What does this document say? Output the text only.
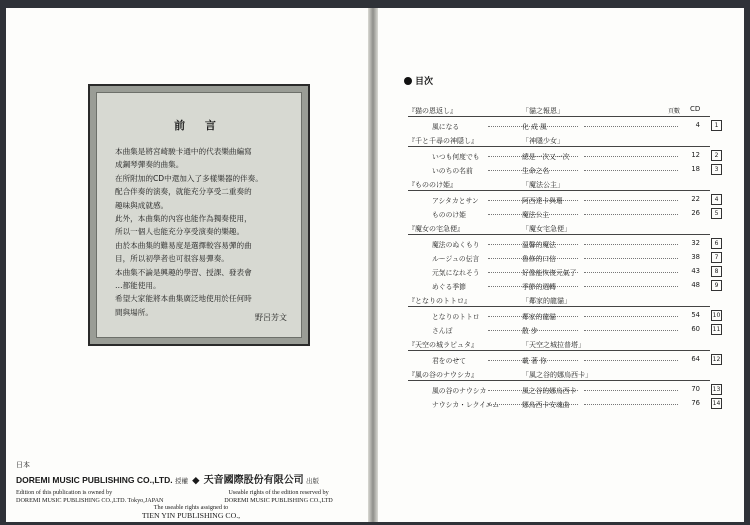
前 言
本曲集是將宮崎駿卡通中的代表樂曲編寫
成鋼琴彈奏的曲集。
在所附加的CD中還加入了多樣樂器的伴奏。
配合伴奏的演奏，就能充分享受二重奏的
趣味與成就感。
此外，本曲集的內容也能作為獨奏使用，
所以一個人也能充分享受演奏的樂趣。
由於本曲集的難易度是選擇較容易彈的曲
目，所以初學者也可很容易彈奏。
本曲集不論是興趣的學習、授課、發表會
…都能使用。
希望大家能將本曲集廣泛地使用於任何時
間與場所。
野呂芳文
日本
DOREMI MUSIC PUBLISHING CO.,LTD. 授權 ◆ 天音國際股份有限公司 出版
Edition of this publication is owned by
DOREMI MUSIC PUBLISHING CO.,LTD. Tokyo,JAPAN
Useable rights of the edition reserved by
DOREMI MUSIC PUBLISHING CO.,LTD
The useable rights assigned to
TIEN YIN PUBLISHING CO.,
目次
『猫の恩返し』	「貓之報恩」	頁數 CD
風になる	化 成 風	4	1
『千と千尋の神隠し』	「神隱少女」
いつも何度でも	總是一次又一次	12	2
いのちの名前	生命之名	18	3
『もののけ姫』	「魔法公主」
アシタカとサン	阿西達卡與珊	22	4
もののけ姫	魔法公主	26	5
『魔女の宅急便』	「魔女宅急便」
魔法のぬくもり	溫馨的魔法	32	6
ルージュの伝言	魯修的口信	38	7
元気になれそう	好像能恢復元氣了	43	8
めぐる季節	季節的週轉	48	9
『となりのトトロ』	「鄰家的龍貓」
となりのトトロ	鄰家的龍貓	54 10
さんぽ	散 步	60 11
『天空の城ラピュタ』	「天空之城拉普塔」
君をのせて	載 著 你	64 12
『風の谷のナウシカ』	「風之谷的娜烏西卡」
風の谷のナウシカ	風之谷的娜烏西卡	70 13
ナウシカ・レクイエム	娜烏西卡安魂曲	76 14
